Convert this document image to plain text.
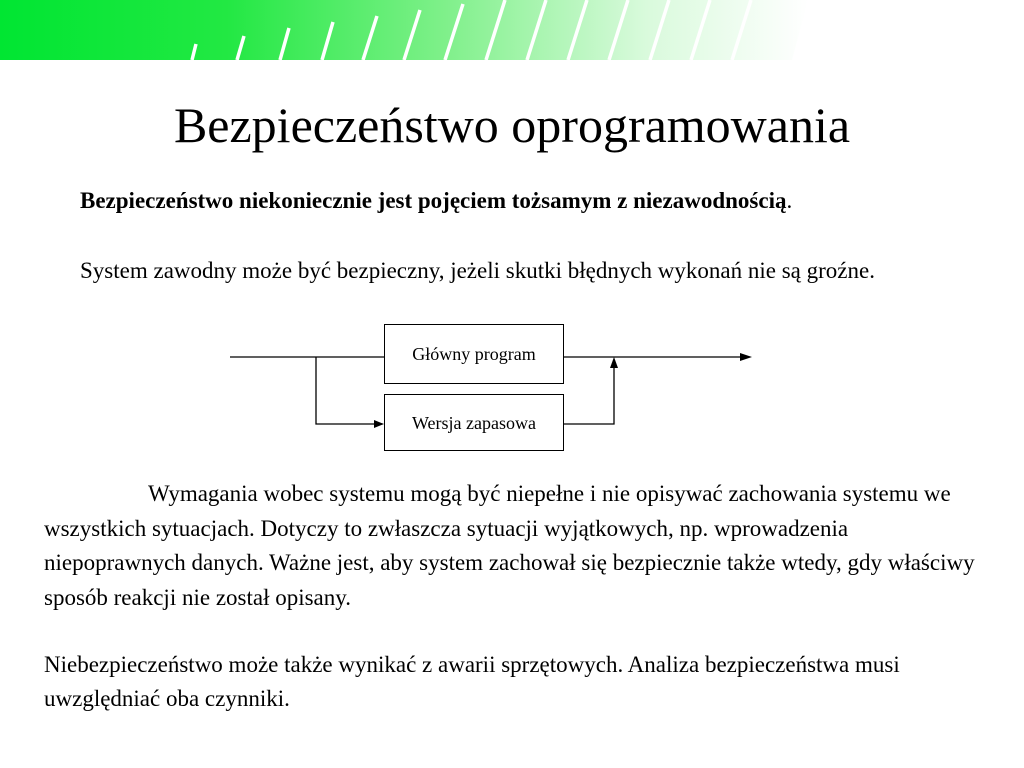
Bezpieczeństwo oprogramowania

Bezpieczeństwo niekoniecznie jest pojęciem tożsamym z niezawodnością.

System zawodny może być bezpieczny, jeżeli skutki błędnych wykonań nie są groźne.

Główny program
Wersja zapasowa

Wymagania wobec systemu mogą być niepełne i nie opisywać zachowania systemu we wszystkich sytuacjach. Dotyczy to zwłaszcza sytuacji wyjątkowych, np. wprowadzenia niepoprawnych danych. Ważne jest, aby system zachował się bezpiecznie także wtedy, gdy właściwy sposób reakcji nie został opisany.

Niebezpieczeństwo może także wynikać z awarii sprzętowych. Analiza bezpieczeństwa musi uwzględniać oba czynniki.
